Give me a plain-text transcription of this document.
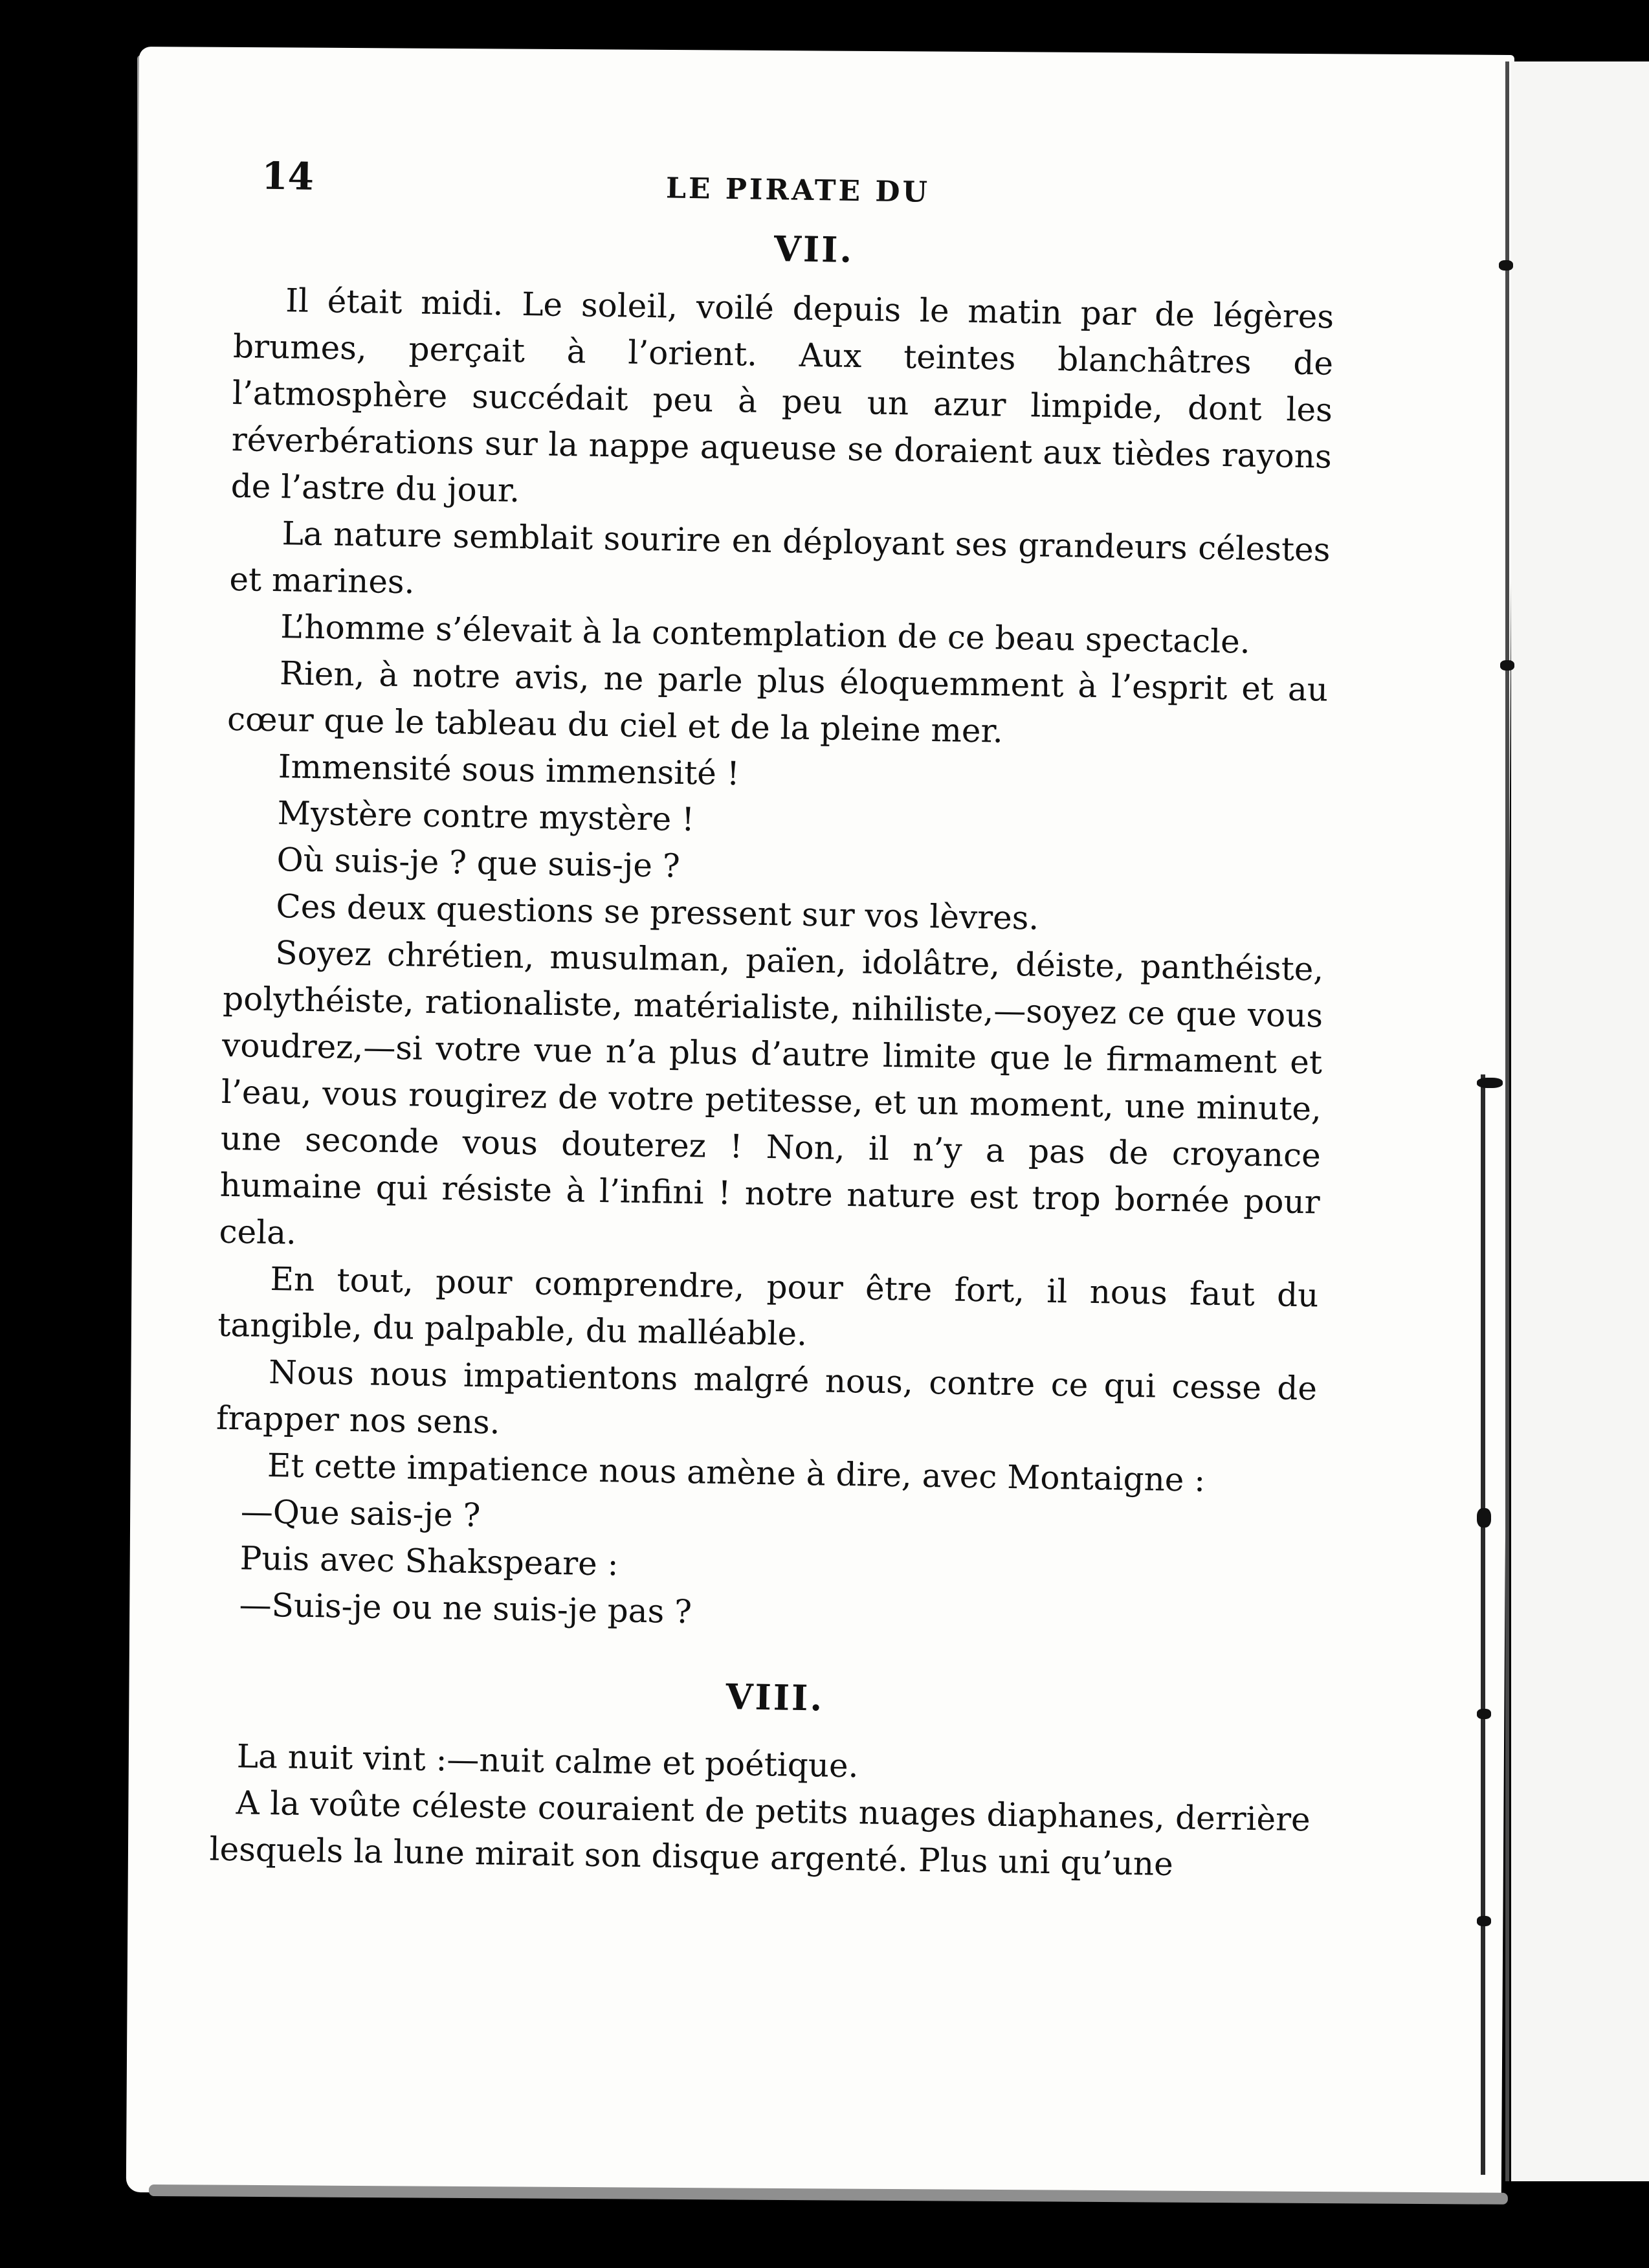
14	LE PIRATE DU
VII.

Il était midi. Le soleil, voilé depuis le matin par de légères brumes, perçait à l’orient. Aux teintes blanchâtres de l’atmosphère succédait peu à peu un azur limpide, dont les réverbérations sur la nappe aqueuse se doraient aux tièdes rayons de l’astre du jour.

La nature semblait sourire en déployant ses grandeurs célestes et marines.

L’homme s’élevait à la contemplation de ce beau spectacle.

Rien, à notre avis, ne parle plus éloquemment à l’esprit et au cœur que le tableau du ciel et de la pleine mer.

Immensité sous immensité !

Mystère contre mystère !

Où suis-je ? que suis-je ?

Ces deux questions se pressent sur vos lèvres.

Soyez chrétien, musulman, païen, idolâtre, déiste, panthéiste, polythéiste, rationaliste, matérialiste, nihiliste,—soyez ce que vous voudrez,—si votre vue n’a plus d’autre limite que le firmament et l’eau, vous rougirez de votre petitesse, et un moment, une minute, une seconde vous douterez ! Non, il n’y a pas de croyance humaine qui résiste à l’infini ! notre nature est trop bornée pour cela.

En tout, pour comprendre, pour être fort, il nous faut du tangible, du palpable, du malléable.

Nous nous impatientons malgré nous, contre ce qui cesse de frapper nos sens.

Et cette impatience nous amène à dire, avec Montaigne :

—Que sais-je ?

Puis avec Shakspeare :

—Suis-je ou ne suis-je pas ?

VIII.

La nuit vint :—nuit calme et poétique.

A la voûte céleste couraient de petits nuages diaphanes, derrière lesquels la lune mirait son disque argenté. Plus uni qu’une
